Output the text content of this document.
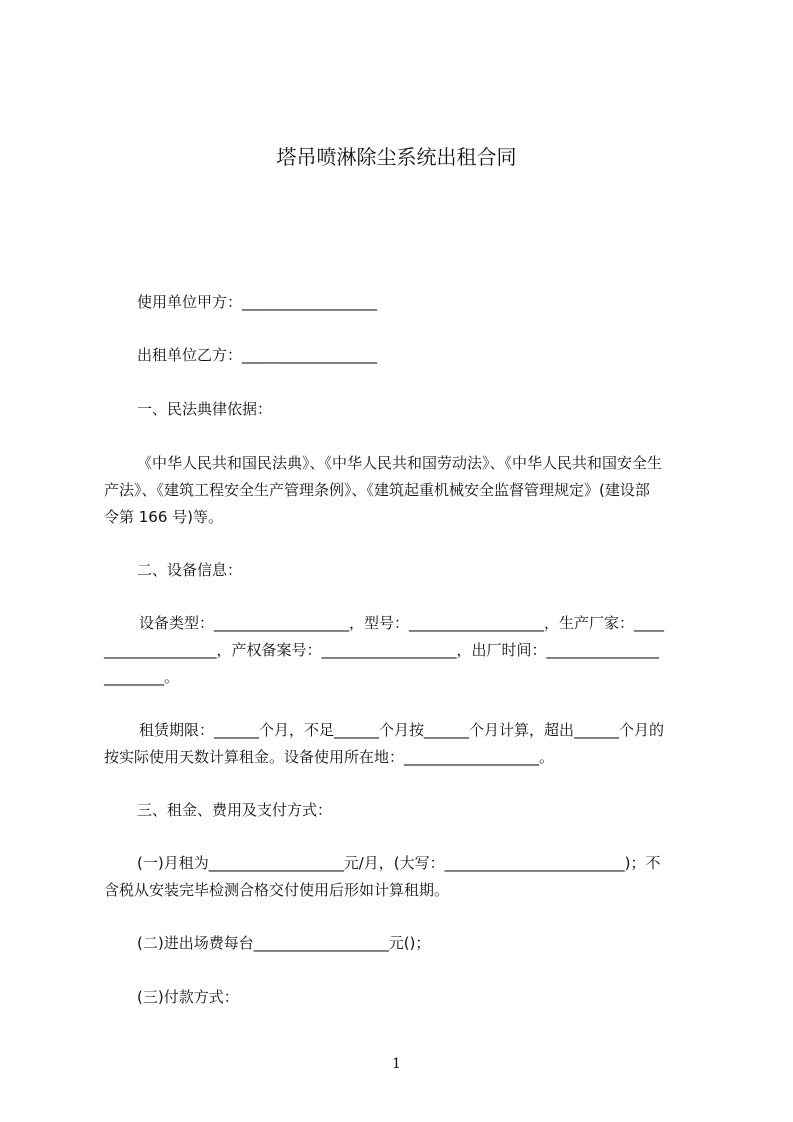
塔吊喷淋除尘系统出租合同
使用单位甲方：__________________
出租单位乙方：__________________
一、民法典律依据：
《中华人民共和国民法典》、《中华人民共和国劳动法》、《中华人民共和国安全生
产法》、《建筑工程安全生产管理条例》、《建筑起重机械安全监督管理规定》(建设部
令第 166 号)等。
二、设备信息：
设备类型：__________________，型号：__________________，生产厂家：____
_______________，产权备案号：__________________，出厂时间：_______________
________。
租赁期限：______个月，不足______个月按______个月计算，超出______个月的
按实际使用天数计算租金。设备使用所在地：__________________。
三、租金、费用及支付方式：
(一)月租为__________________元/月，(大写：________________________)；不
含税从安装完毕检测合格交付使用后形如计算租期。
(二)进出场费每台__________________元()；
(三)付款方式：
1
